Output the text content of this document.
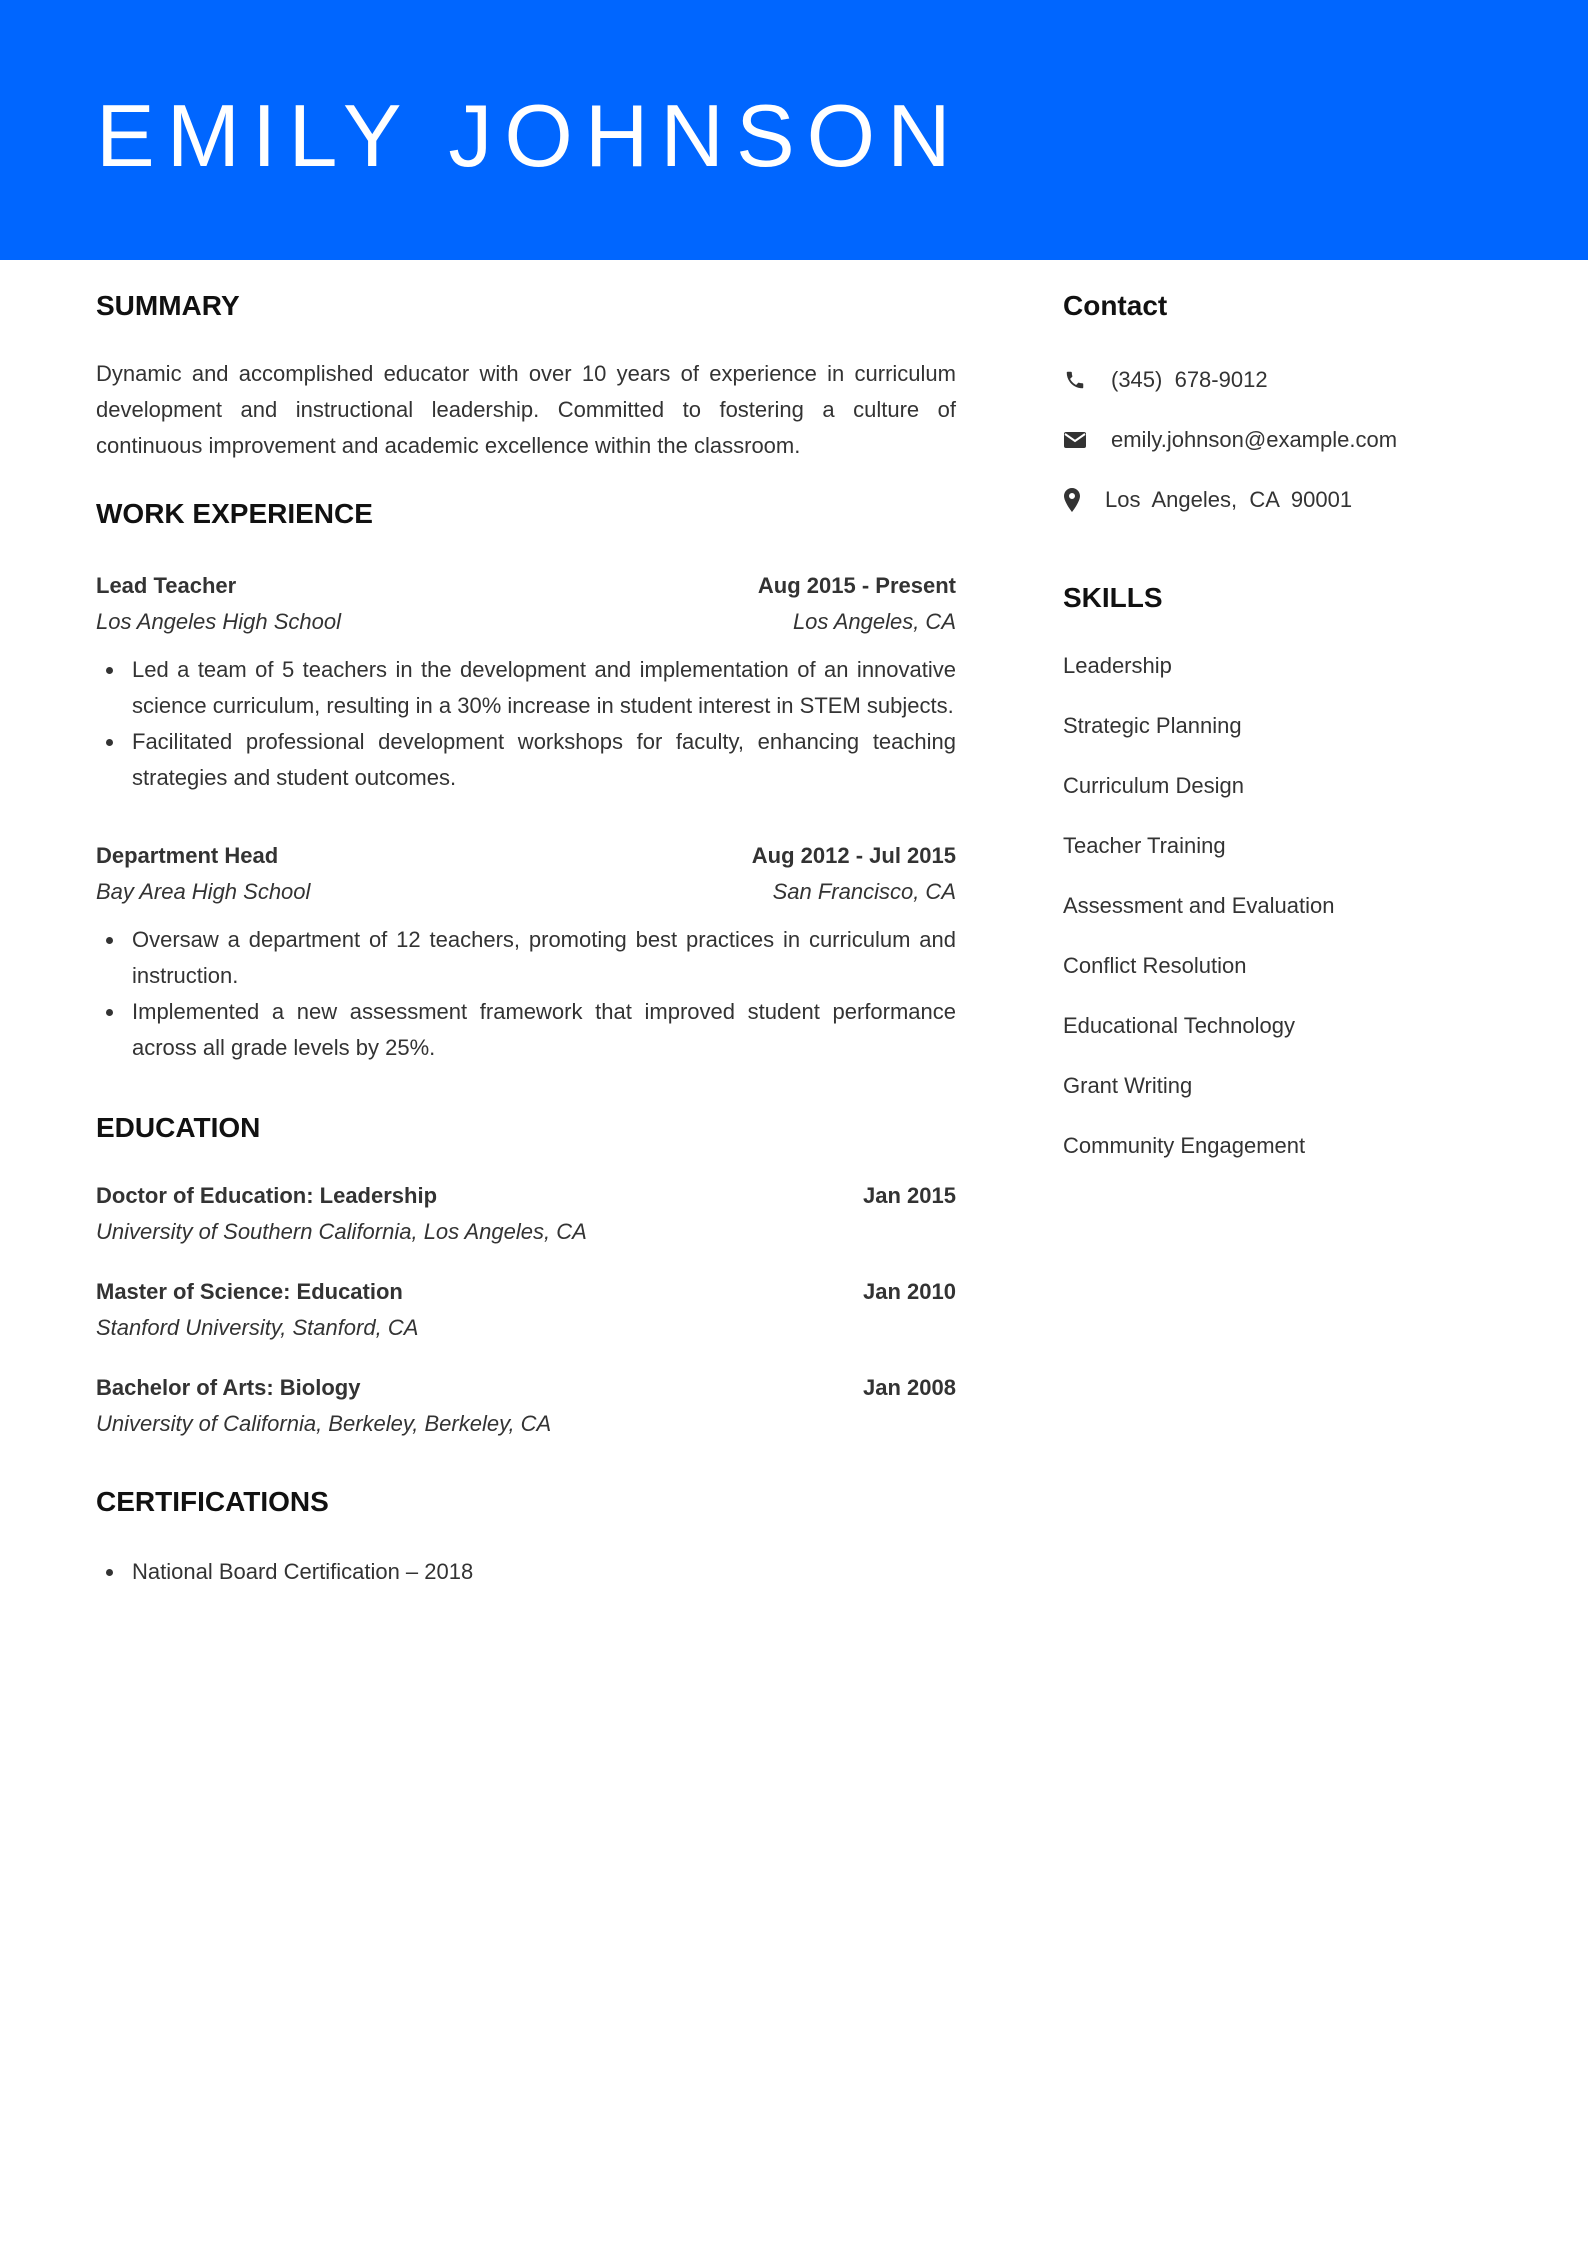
EMILY JOHNSON
SUMMARY

Dynamic and accomplished educator with over 10 years of experience in curriculum development and instructional leadership. Committed to fostering a culture of continuous improvement and academic excellence within the classroom.

WORK EXPERIENCE
Lead Teacher	Aug 2015 - Present
Los Angeles High School	Los Angeles, CA
Led a team of 5 teachers in the development and implementation of an innovative science curriculum, resulting in a 30% increase in student interest in STEM subjects.
Facilitated professional development workshops for faculty, enhancing teaching strategies and student outcomes.
Department Head	Aug 2012 - Jul 2015
Bay Area High School	San Francisco, CA
Oversaw a department of 12 teachers, promoting best practices in curriculum and instruction.
Implemented a new assessment framework that improved student performance across all grade levels by 25%.
EDUCATION
Doctor of Education: Leadership	Jan 2015
University of Southern California, Los Angeles, CA
Master of Science: Education	Jan 2010
Stanford University, Stanford, CA
Bachelor of Arts: Biology	Jan 2008
University of California, Berkeley, Berkeley, CA
CERTIFICATIONS
National Board Certification – 2018
Contact
(345)  678-9012
emily.johnson@example.com
Los  Angeles,  CA  90001
SKILLS
Leadership
Strategic Planning
Curriculum Design
Teacher Training
Assessment and Evaluation
Conflict Resolution
Educational Technology
Grant Writing
Community Engagement
